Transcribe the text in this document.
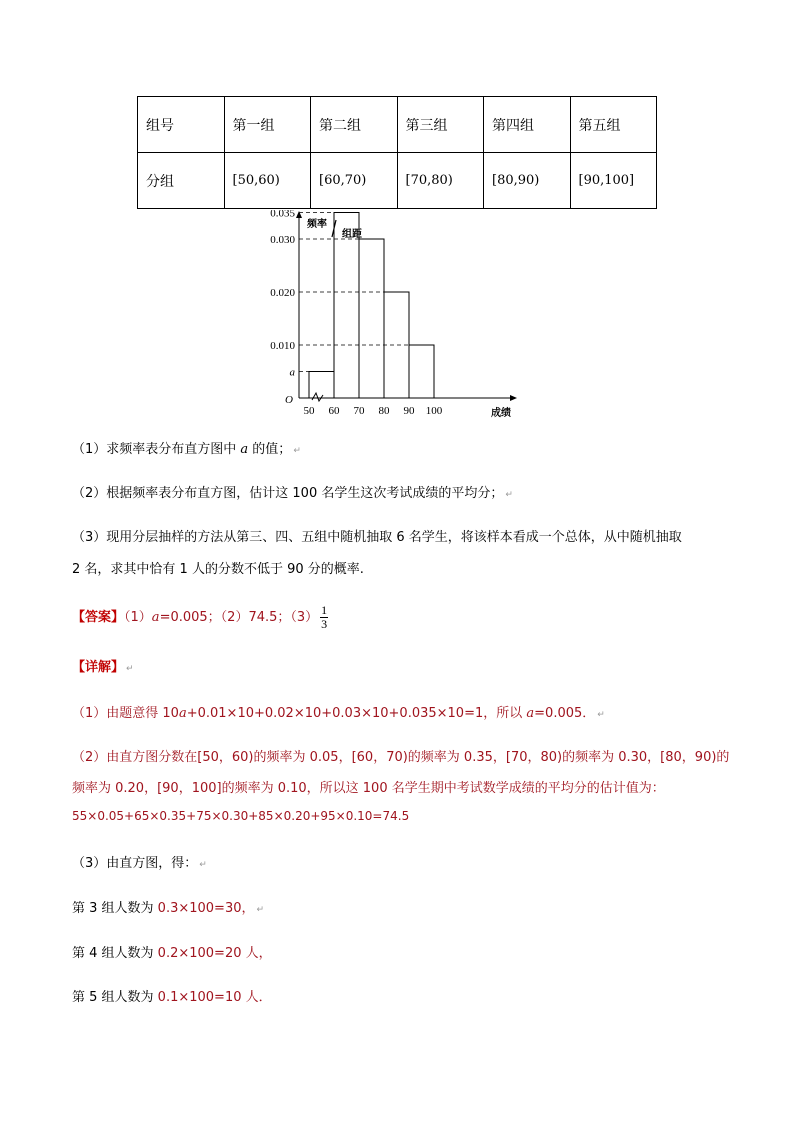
组号	第一组	第二组	第三组	第四组	第五组
分组	[50,60)	[60,70)	[70,80)	[80,90)	[90,100]
a
0.010
0.020
0.030
0.035
50 60 70 80 90 100
O
频率
组距
成绩
（1）求频率表分布直方图中 a 的值； ↵
（2）根据频率表分布直方图，估计这 100 名学生这次考试成绩的平均分； ↵
（3）现用分层抽样的方法从第三、四、五组中随机抽取 6 名学生，将该样本看成一个总体，从中随机抽取
2 名，求其中恰有 1 人的分数不低于 90 分的概率.
【答案】（1）a=0.005；（2）74.5；$(3) \frac{1}{3}$
【详解】 ↵
（1）由题意得 10a+0.01×10+0.02×10+0.03×10+0.035×10=1，所以 a=0.005． ↵
（2）由直方图分数在[50，60)的频率为 0.05，[60，70)的频率为 0.35，[70，80)的频率为 0.30，[80，90)的
频率为 0.20，[90，100]的频率为 0.10，所以这 100 名学生期中考试数学成绩的平均分的估计值为：
55×0.05+65×0.35+75×0.30+85×0.20+95×0.10=74.5
（3）由直方图，得： ↵
第 3 组人数为 0.3×100=30， ↵
第 4 组人数为 0.2×100=20 人，
第 5 组人数为 0.1×100=10 人．
